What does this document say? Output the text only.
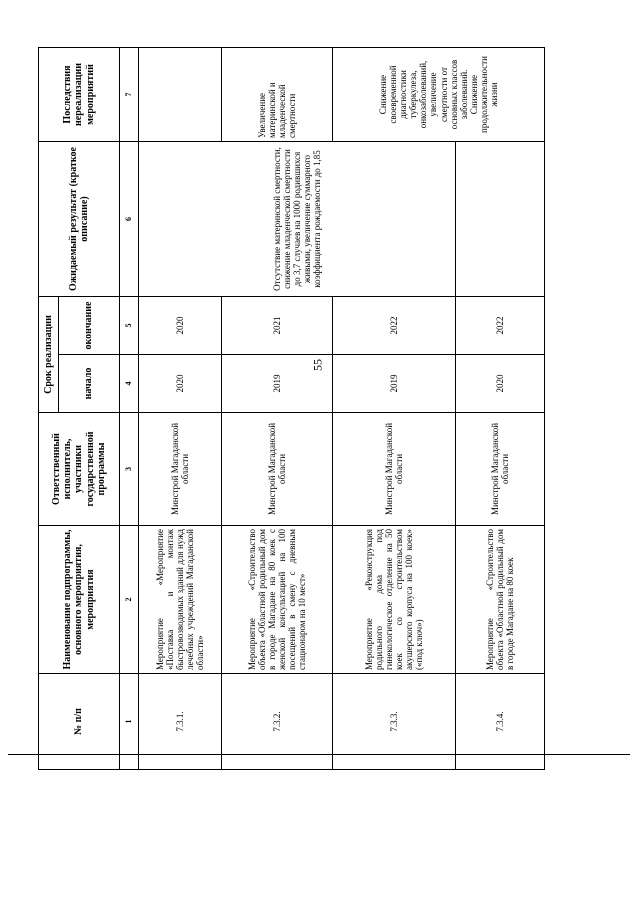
55
№ п/п	Наименование подпрограммы, основного мероприятия, мероприятия	Ответственный исполнитель, участники государственной программы	Срок реализации		Ожидаемый результат (краткое описание)	Последствия нереализации мероприятий
			начало	окончание		
1	2	3	4	5	6	7
7.3.1.	Мероприятие «Мероприятие «Поставка и монтаж быстровозводимых зданий для нужд лечебных учреждений Магаданской области»	Минстрой Магаданской области	2020	2020	Отсутствие материнской смертности, снижение младенческой смертности до 3,7 случаев на 1000 родившихся живыми, увеличение суммарного коэффициента рождаемости до 1,85	
7.3.2.	Мероприятие «Строительство объекта «Областной родильный дом в городе Магадане на 80 коек с женской консультацией на 100 посещений в смену с дневным стационаром на 10 мест»	Минстрой Магаданской области	2019	2021		Увеличение материнской и младенческой смертности
7.3.3.	Мероприятие «Реконструкция родильного дома под гинекологическое отделение на 50 коек со строительством акушерского корпуса на 100 коек» («под ключ»)	Минстрой Магаданской области	2019	2022		Снижение своевременной диагностики туберкулеза, онкозаболеваний, увеличение смертности от основных классов заболеваний. Снижение продолжительности жизни
7.3.4.	Мероприятие «Строительство объекта «Областной родильный дом в городе Магадане на 80 коек	Минстрой Магаданской области	2020	2022		
